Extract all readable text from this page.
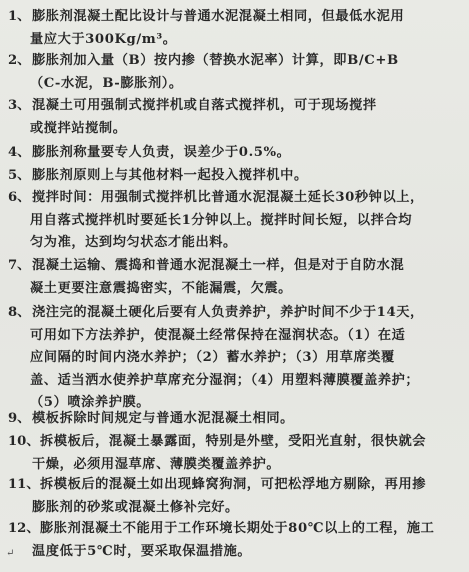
1、 膨胀剂混凝土配比设计与普通水泥混凝土相同，但最低水泥用
量应大于300Kg/m³。
2、 膨胀剂加入量（B）按内掺（替换水泥率）计算，即B/C+B
（C-水泥，B-膨胀剂）。
3、 混凝土可用强制式搅拌机或自落式搅拌机，可于现场搅拌
或搅拌站搅制。
4、 膨胀剂称量要专人负责，误差少于0.5%。
5、 膨胀剂原则上与其他材料一起投入搅拌机中。
6、 搅拌时间：用强制式搅拌机比普通水泥混凝土延长30秒钟以上，
用自落式搅拌机时要延长1分钟以上。搅拌时间长短，以拌合均
匀为准，达到均匀状态才能出料。
7、 混凝土运输、震捣和普通水泥混凝土一样，但是对于自防水混
凝土更要注意震捣密实，不能漏震，欠震。
8、 浇注完的混凝土硬化后要有人负责养护，养护时间不少于14天，
可用如下方法养护，使混凝土经常保持在湿润状态。（1）在适
应间隔的时间内浇水养护；（2）蓄水养护；（3）用草席类覆
盖、适当洒水使养护草席充分湿润；（4）用塑料薄膜覆盖养护；
（5）喷涂养护膜。
9、 模板拆除时间规定与普通水泥混凝土相同。
10、 拆模板后，混凝土暴露面，特别是外壁，受阳光直射，很快就会
干燥，必须用湿草席、薄膜类覆盖养护。
11、 拆模板后的混凝土如出现蜂窝狗洞，可把松浮地方剔除，再用掺
膨胀剂的砂浆或混凝土修补完好。
12、 膨胀剂混凝土不能用于工作环境长期处于80℃以上的工程，施工
温度低于5℃时，要采取保温措施。
↵
